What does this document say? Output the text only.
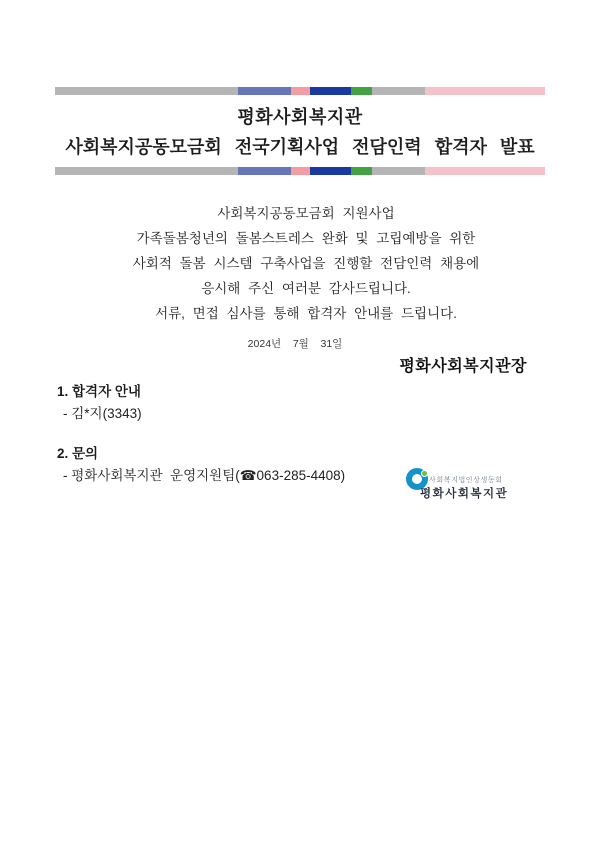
평화사회복지관
사회복지공동모금회 전국기획사업 전담인력 합격자 발표
사회복지공동모금회 지원사업
가족돌봄청년의 돌봄스트레스 완화 및 고립예방을 위한
사회적 돌봄 시스템 구축사업을 진행할 전담인력 채용에
응시해 주신 여러분 감사드립니다.
서류, 면접 심사를 통해 합격자 안내를 드립니다.
2024년    7월    31일
평화사회복지관장
1. 합격자 안내
- 김*지(3343)
2. 문의
- 평화사회복지관  운영지원팀(☎063-285-4408)	사회복지법인상생동회
평화사회복지관
